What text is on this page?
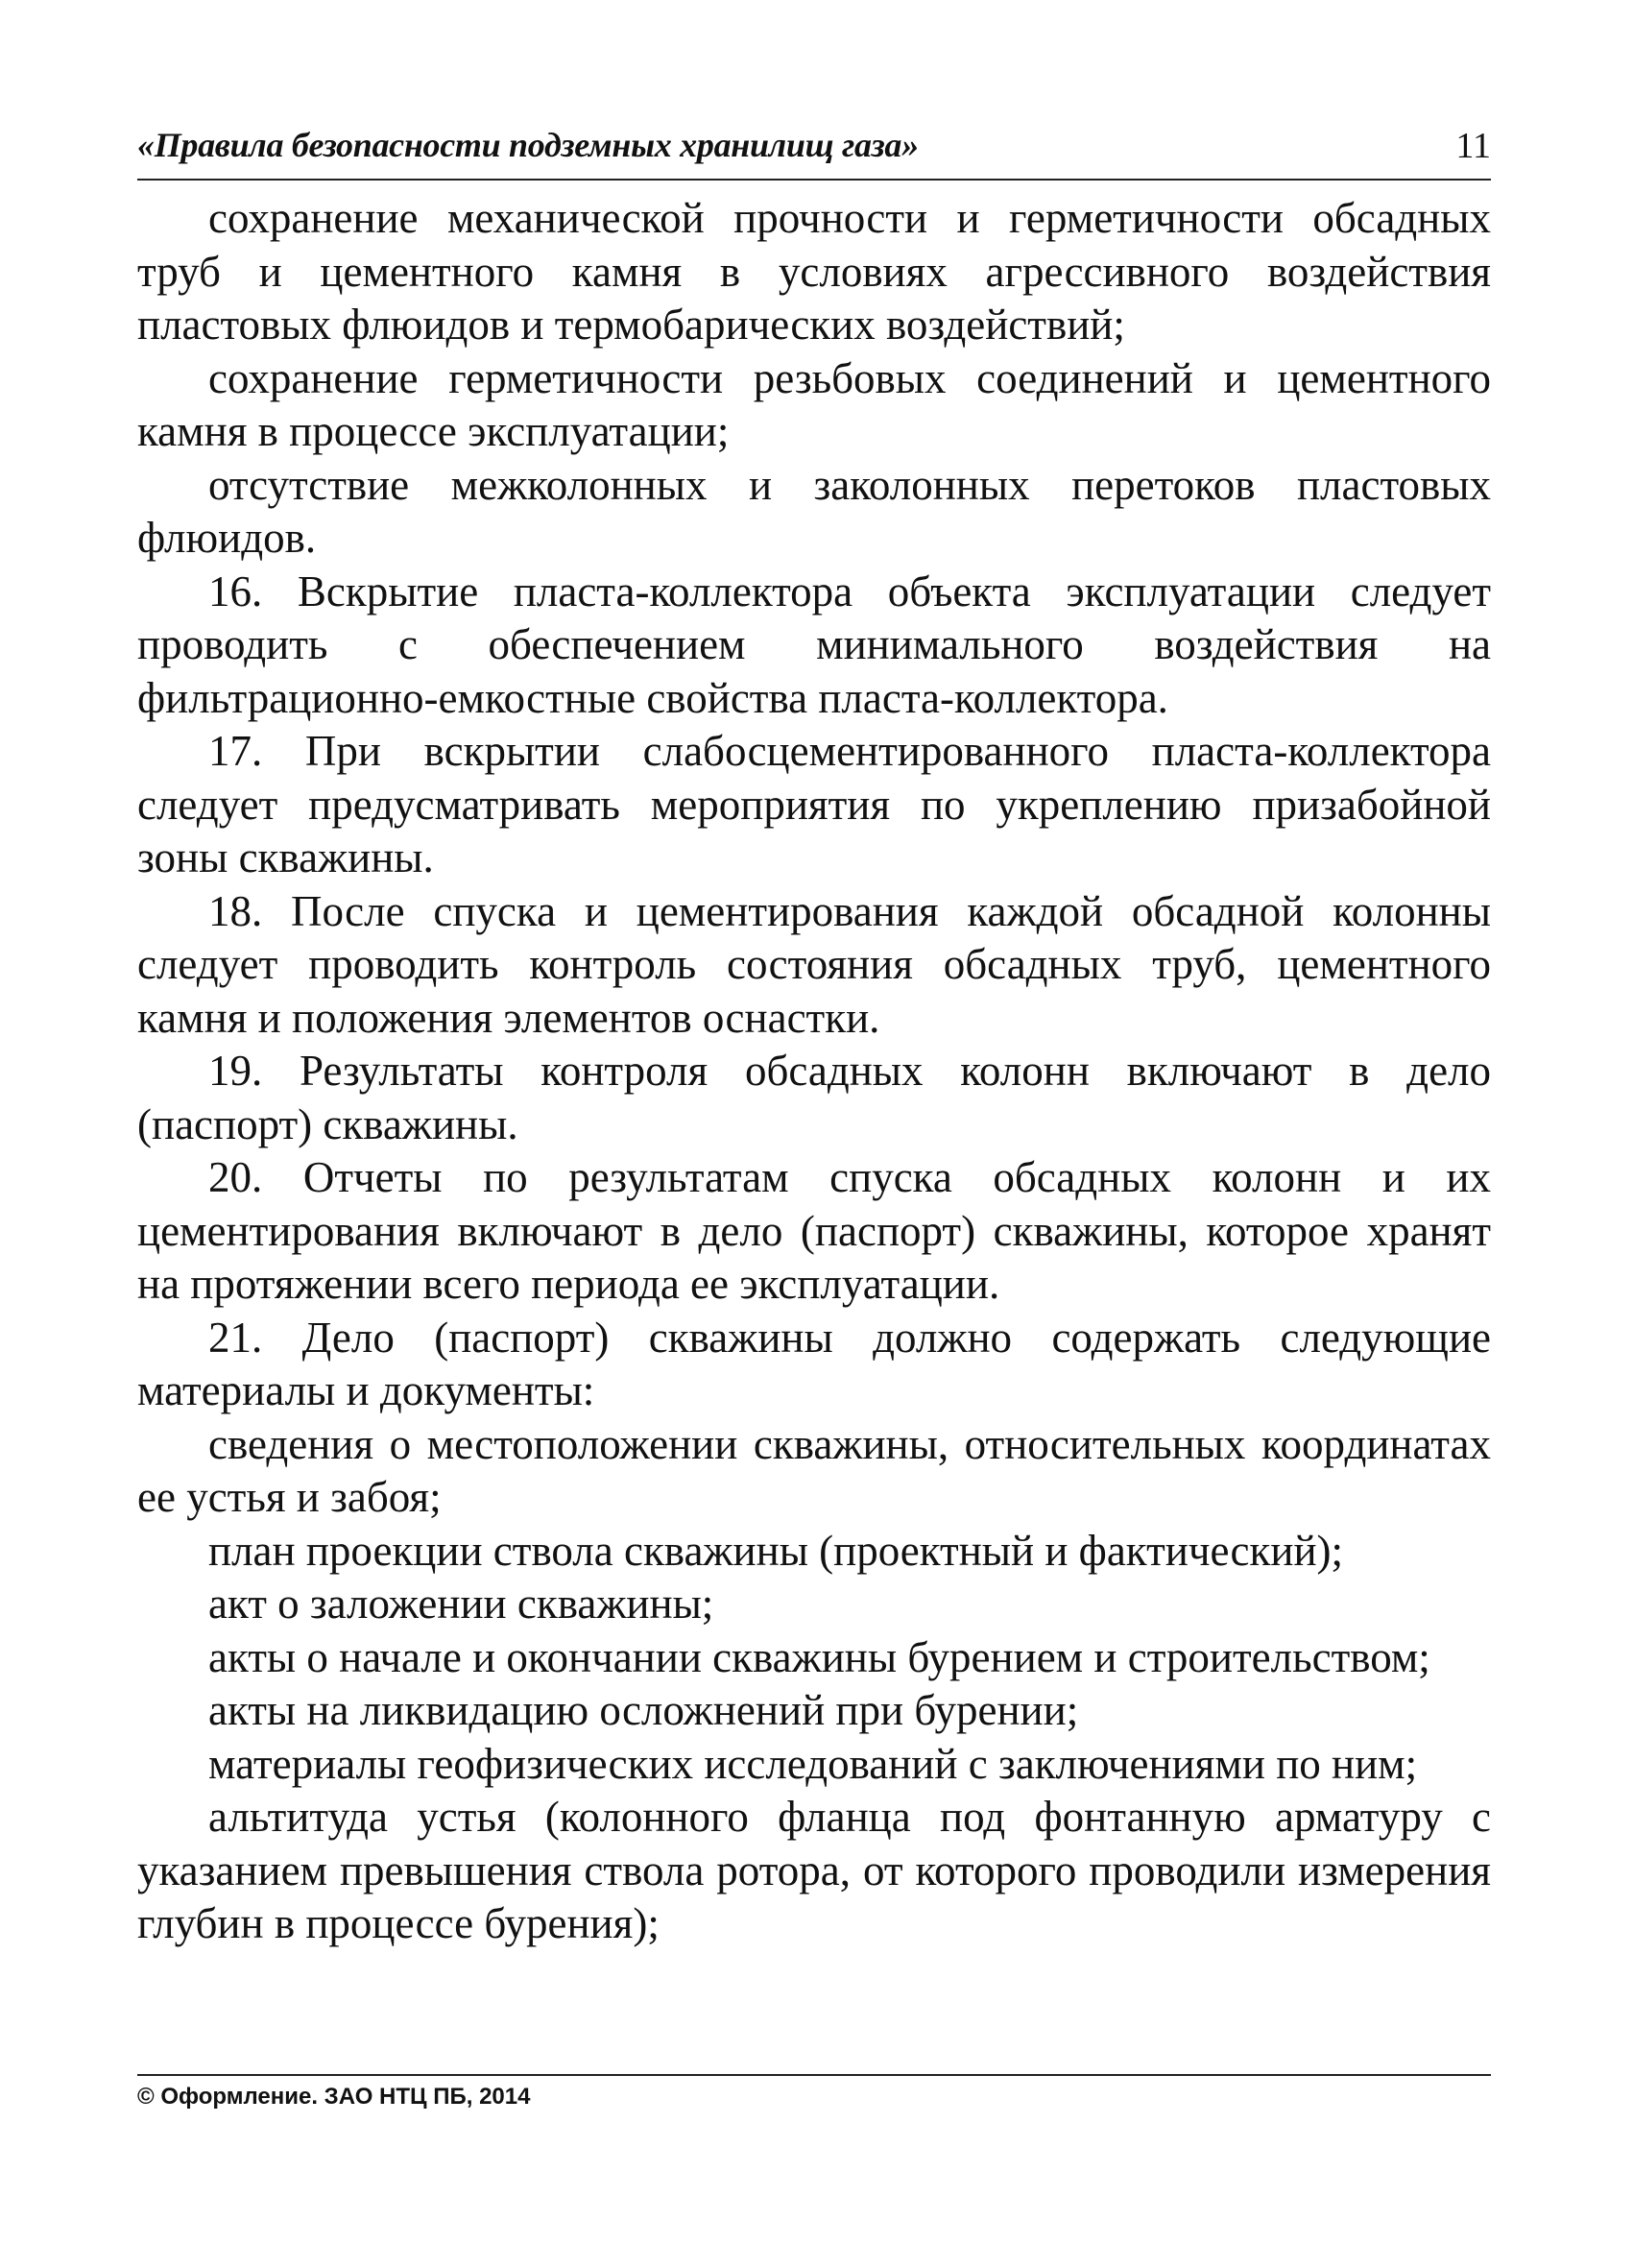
«Правила безопасности подземных хранилищ газа»	11

сохранение механической прочности и герметичности обсадных труб и цементного камня в условиях агрессивного воздействия пластовых флюидов и термобарических воздействий;

сохранение герметичности резьбовых соединений и цементного камня в процессе эксплуатации;

отсутствие межколонных и заколонных перетоков пластовых флюидов.

16. Вскрытие пласта-коллектора объекта эксплуатации следует проводить с обеспечением минимального воздействия на фильтрационно-емкостные свойства пласта-коллектора.

17. При вскрытии слабосцементированного пласта-коллектора следует предусматривать мероприятия по укреплению призабойной зоны скважины.

18. После спуска и цементирования каждой обсадной колонны следует проводить контроль состояния обсадных труб, цементного камня и положения элементов оснастки.

19. Результаты контроля обсадных колонн включают в дело (паспорт) скважины.

20. Отчеты по результатам спуска обсадных колонн и их цементирования включают в дело (паспорт) скважины, которое хранят на протяжении всего периода ее эксплуатации.

21. Дело (паспорт) скважины должно содержать следующие материалы и документы:

сведения о местоположении скважины, относительных координатах ее устья и забоя;

план проекции ствола скважины (проектный и фактический);

акт о заложении скважины;

акты о начале и окончании скважины бурением и строительством;

акты на ликвидацию осложнений при бурении;

материалы геофизических исследований с заключениями по ним;

альтитуда устья (колонного фланца под фонтанную арматуру с указанием превышения ствола ротора, от которого проводили измерения глубин в процессе бурения);

© Оформление. ЗАО НТЦ ПБ, 2014
